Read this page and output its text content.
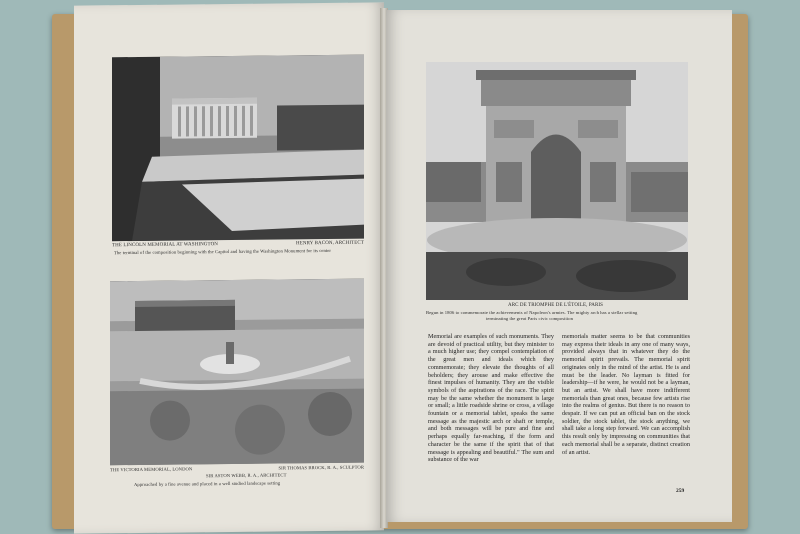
THE LINCOLN MEMORIAL AT WASHINGTON	HENRY BACON, ARCHITECT
The terminal of the composition beginning with the Capitol and having the Washington Monument for its center
THE VICTORIA MEMORIAL, LONDON	SIR THOMAS BROCK, R. A., SCULPTOR
SIR ASTON WEBB, R. A., ARCHITECT
Approached by a fine avenue and placed in a well studied landscape setting
ARC DE TRIOMPHE DE L'ÉTOILE, PARIS
Begun in 1806 to commemorate the achievements of Napoleon's armies. The mighty arch has a stellar setting
terminating the great Paris civic composition

Memorial are examples of such monuments. They are devoid of practical utility, but they minister to a much higher use; they compel contemplation of the great men and ideals which they commemorate; they elevate the thoughts of all beholders; they arouse and make effective the finest impulses of humanity. They are the visible symbols of the aspirations of the race. The spirit may be the same whether the monument is large or small; a little roadside shrine or cross, a village fountain or a memorial tablet, speaks the same message as the majestic arch or shaft or temple, and both messages will be pure and fine and perhaps equally far-reaching, if the form and character be the same if the spirit that of that message is appealing and beautiful." The sum and substance of the war

memorials matter seems to be that communities may express their ideals in any one of many ways, provided always that in whatever they do the memorial spirit prevails. The memorial spirit originates only in the mind of the artist. He is and must be the leader. No layman is fitted for leadership—if he were, he would not be a layman, but an artist. We shall have more indifferent memorials than great ones, because few artists rise into the realms of genius. But there is no reason to despair. If we can put an official ban on the stock soldier, the stock tablet, the stock anything, we shall take a long step forward. We can accomplish this result only by impressing on communities that each memorial shall be a separate, distinct creation of an artist.

259
